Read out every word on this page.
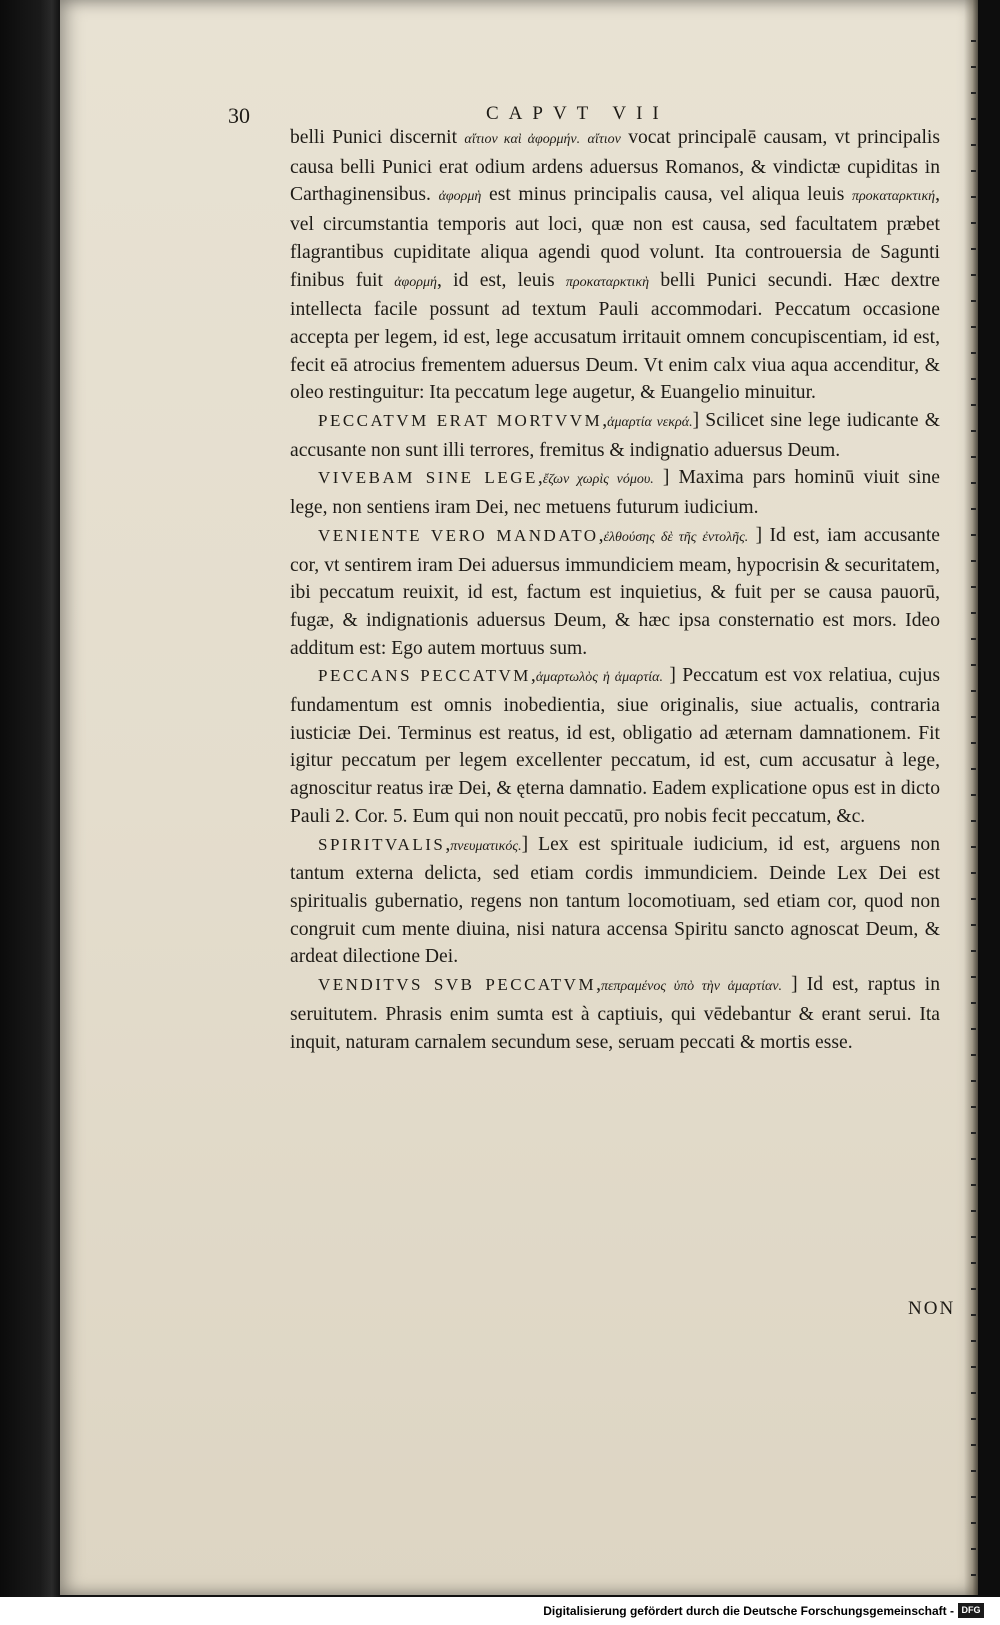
30	CAPVT VII

belli Punici discernit αἴτιον καὶ ἀφορμήν. αἴτιον vocat principalē causam, vt principalis causa belli Punici erat odium ardens aduersus Romanos, & vindictæ cupiditas in Carthaginensibus. ἀφορμὴ est minus principalis causa, vel aliqua leuis προκαταρκτική, vel circumstantia temporis aut loci, quæ non est causa, sed facultatem præbet flagrantibus cupiditate aliqua agendi quod volunt. Ita controuersia de Sagunti finibus fuit ἀφορμή, id est, leuis προκαταρκτικὴ belli Punici secundi. Hæc dextre intellecta facile possunt ad textum Pauli accommodari. Peccatum occasione accepta per legem, id est, lege accusatum irritauit omnem concupiscentiam, id est, fecit eā atrocius frementem aduersus Deum. Vt enim calx viua aqua accenditur, & oleo restinguitur: Ita peccatum lege augetur, & Euangelio minuitur.

PECCATVM ERAT MORTVVM,ἁμαρτία νεκρά.] Scilicet sine lege iudicante & accusante non sunt illi terrores, fremitus & indignatio aduersus Deum.

VIVEBAM SINE LEGE,ἔζων χωρὶς νόμου. ] Maxima pars hominū viuit sine lege, non sentiens iram Dei, nec metuens futurum iudicium.

VENIENTE VERO MANDATO,ἐλθούσης δὲ τῆς ἐντολῆς. ] Id est, iam accusante cor, vt sentirem iram Dei aduersus immundiciem meam, hypocrisin & securitatem, ibi peccatum reuixit, id est, factum est inquietius, & fuit per se causa pauorū, fugæ, & indignationis aduersus Deum, & hæc ipsa consternatio est mors. Ideo additum est: Ego autem mortuus sum.

PECCANS PECCATVM,ἁμαρτωλὸς ἡ ἁμαρτία. ] Peccatum est vox relatiua, cujus fundamentum est omnis inobedientia, siue originalis, siue actualis, contraria iusticiæ Dei. Terminus est reatus, id est, obligatio ad æternam damnationem. Fit igitur peccatum per legem excellenter peccatum, id est, cum accusatur à lege, agnoscitur reatus iræ Dei, & ęterna damnatio. Eadem explicatione opus est in dicto Pauli 2. Cor. 5. Eum qui non nouit peccatū, pro nobis fecit peccatum, &c.

SPIRITVALIS,πνευματικός.] Lex est spirituale iudicium, id est, arguens non tantum externa delicta, sed etiam cordis immundiciem. Deinde Lex Dei est spiritualis gubernatio, regens non tantum locomotiuam, sed etiam cor, quod non congruit cum mente diuina, nisi natura accensa Spiritu sancto agnoscat Deum, & ardeat dilectione Dei.

VENDITVS SVB PECCATVM,πεπραμένος ὑπὸ τὴν ἁμαρτίαν. ] Id est, raptus in seruitutem. Phrasis enim sumta est à captiuis, qui vēdebantur & erant serui. Ita inquit, naturam carnalem secundum sese, seruam peccati & mortis esse.

NON
Digitalisierung gefördert durch die Deutsche Forschungsgemeinschaft - DFG
